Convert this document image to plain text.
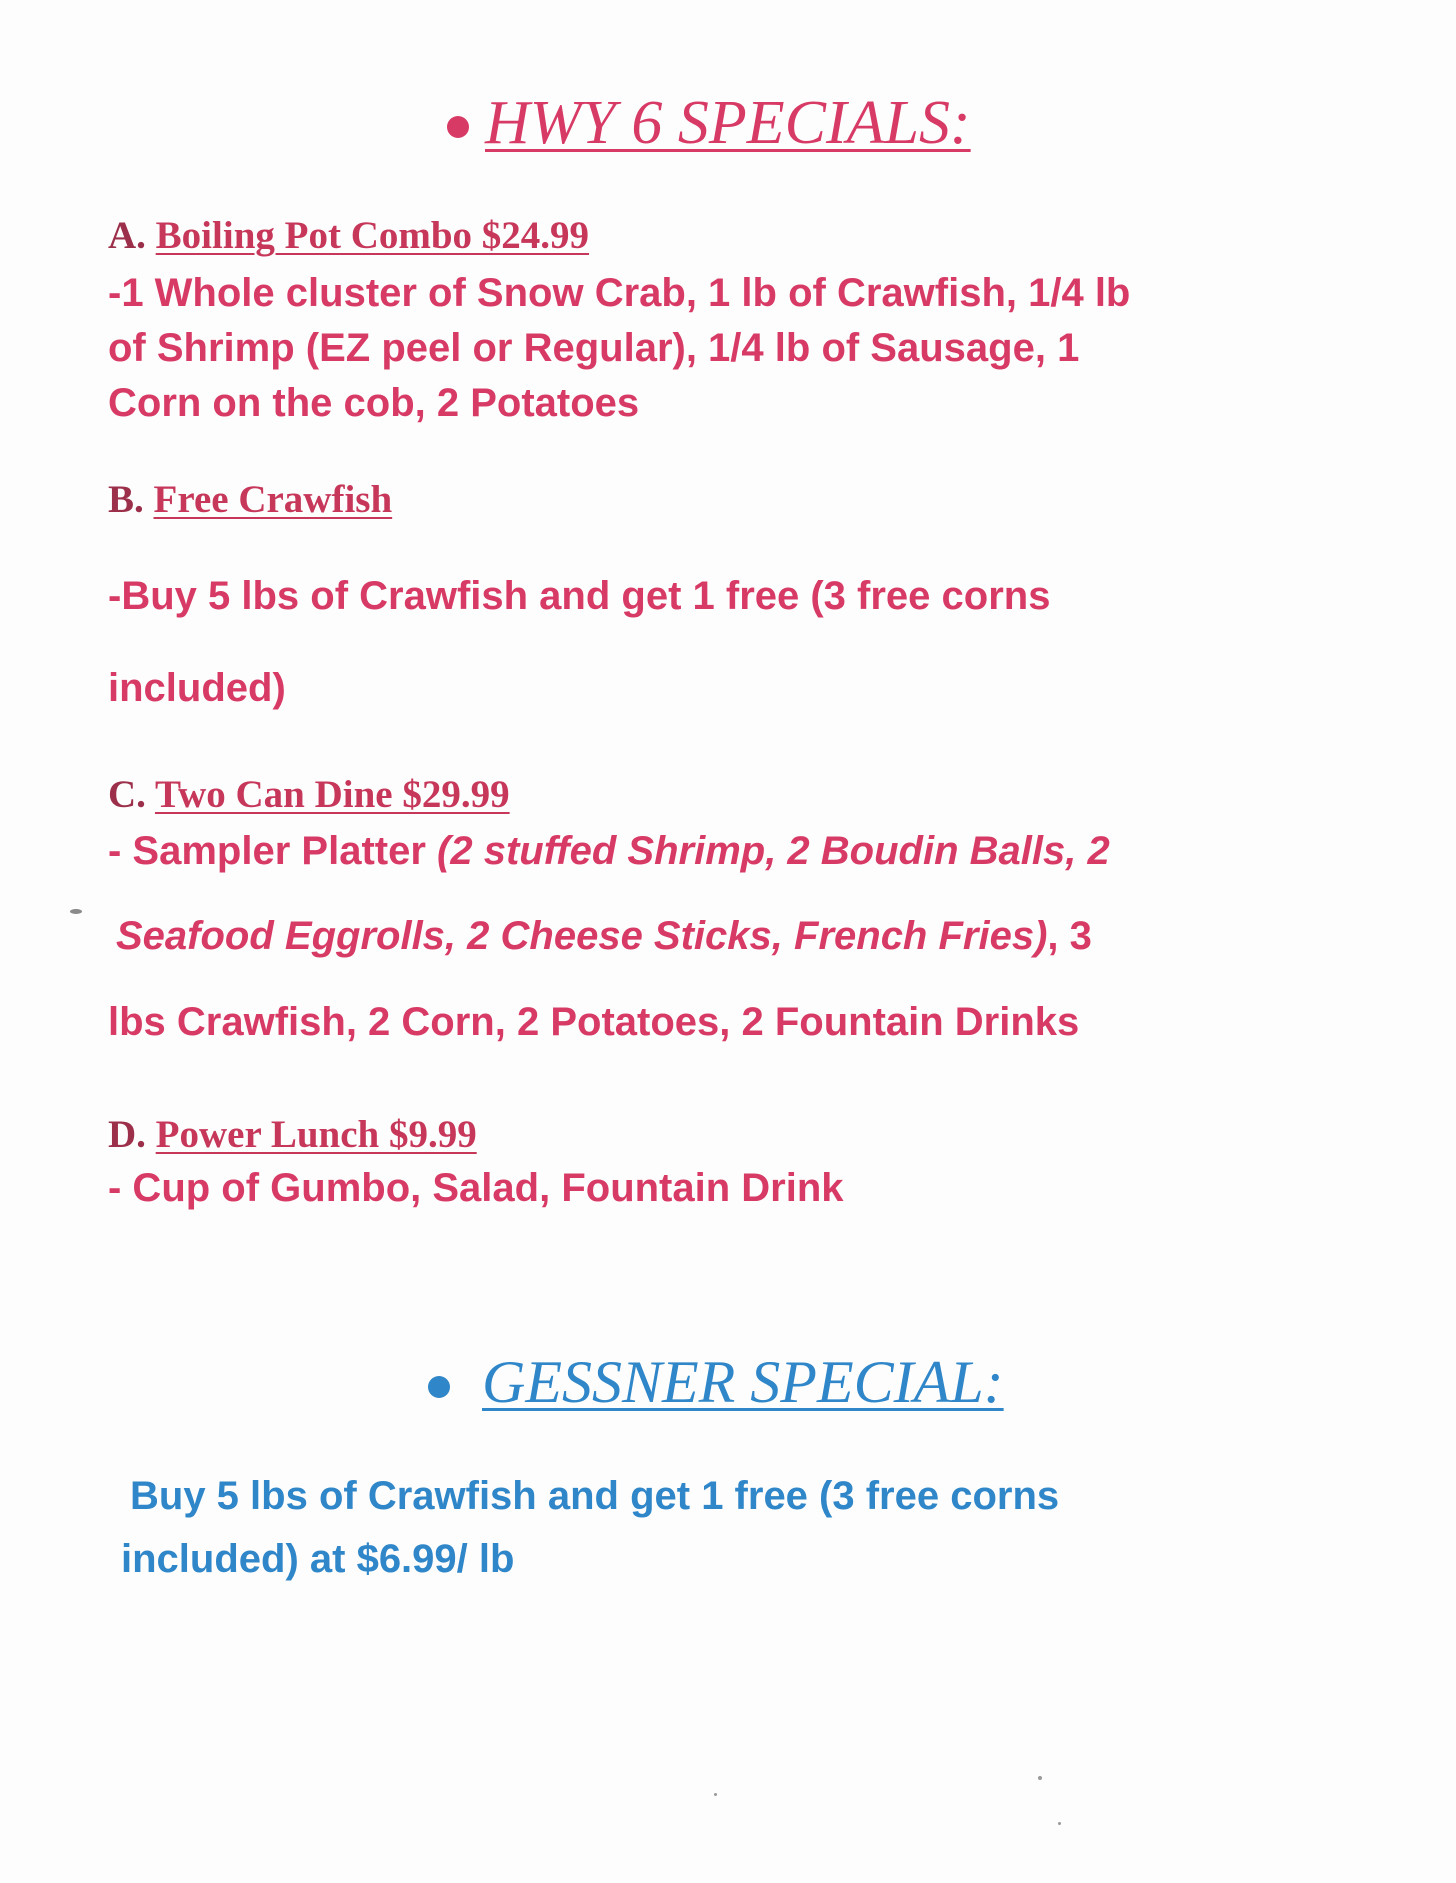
HWY 6 SPECIALS:
A. Boiling Pot Combo $24.99
-1 Whole cluster of Snow Crab, 1 lb of Crawfish, 1/4 lb
of Shrimp (EZ peel or Regular), 1/4 lb of Sausage, 1
Corn on the cob, 2 Potatoes
B. Free Crawfish
-Buy 5 lbs of Crawfish and get 1 free (3 free corns
included)
C. Two Can Dine $29.99
- Sampler Platter (2 stuffed Shrimp, 2 Boudin Balls, 2
Seafood Eggrolls, 2 Cheese Sticks, French Fries), 3
lbs Crawfish, 2 Corn, 2 Potatoes, 2 Fountain Drinks
D. Power Lunch $9.99
- Cup of Gumbo, Salad, Fountain Drink
GESSNER SPECIAL:
Buy 5 lbs of Crawfish and get 1 free (3 free corns
included) at $6.99/ lb
